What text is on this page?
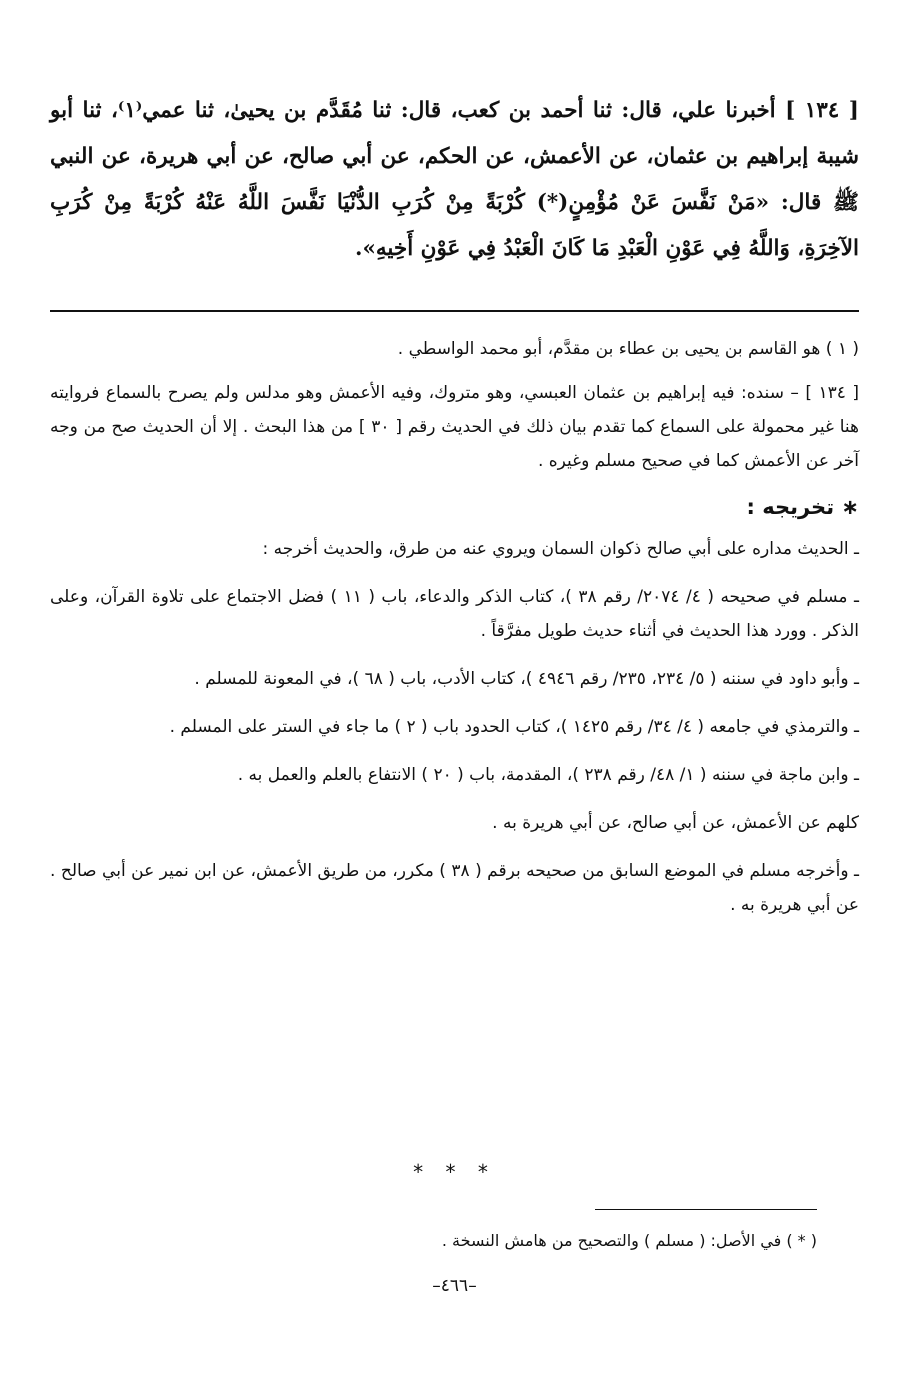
[ ١٣٤ ] أخبرنا علي، قال: ثنا أحمد بن كعب، قال: ثنا مُقَدَّم بن يحيىٰ، ثنا عمي⁽١⁾، ثنا أبو شيبة إبراهيم بن عثمان، عن الأعمش، عن الحكم، عن أبي صالح، عن أبي هريرة، عن النبي ﷺ قال: «مَنْ نَفَّسَ عَنْ مُؤْمِنٍ(*) كُرْبَةً مِنْ كُرَبِ الدُّنْيَا نَفَّسَ اللَّهُ عَنْهُ كُرْبَةً مِنْ كُرَبِ الآخِرَةِ، وَاللَّهُ فِي عَوْنِ الْعَبْدِ مَا كَانَ الْعَبْدُ فِي عَوْنِ أَخِيهِ».

( ١ ) هو القاسم بن يحيى بن عطاء بن مقدَّم، أبو محمد الواسطي .

[ ١٣٤ ] – سنده: فيه إبراهيم بن عثمان العبسي، وهو متروك، وفيه الأعمش وهو مدلس ولم يصرح بالسماع فروايته هنا غير محمولة على السماع كما تقدم بيان ذلك في الحديث رقم [ ٣٠ ] من هذا البحث . إلا أن الحديث صح من وجه آخر عن الأعمش كما في صحيح مسلم وغيره .

∗ تخريجه :

ـ الحديث مداره على أبي صالح ذكوان السمان ويروي عنه من طرق، والحديث أخرجه :

ـ مسلم في صحيحه ( ٤/ ٢٠٧٤/ رقم ٣٨ )، كتاب الذكر والدعاء، باب ( ١١ ) فضل الاجتماع على تلاوة القرآن، وعلى الذكر . وورد هذا الحديث في أثناء حديث طويل مفرَّقاً .

ـ وأبو داود في سننه ( ٥/ ٢٣٤، ٢٣٥/ رقم ٤٩٤٦ )، كتاب الأدب، باب ( ٦٨ )، في المعونة للمسلم .

ـ والترمذي في جامعه ( ٤/ ٣٤/ رقم ١٤٢٥ )، كتاب الحدود باب ( ٢ ) ما جاء في الستر على المسلم .

ـ وابن ماجة في سننه ( ١/ ٤٨/ رقم ٢٣٨ )، المقدمة، باب ( ٢٠ ) الانتفاع بالعلم والعمل به .

كلهم عن الأعمش، عن أبي صالح، عن أبي هريرة به .

ـ وأخرجه مسلم في الموضع السابق من صحيحه برقم ( ٣٨ ) مكرر، من طريق الأعمش، عن ابن نمير عن أبي صالح . عن أبي هريرة به .

* * *
( * ) في الأصل: ( مسلم ) والتصحيح من هامش النسخة .
–٤٦٦–
